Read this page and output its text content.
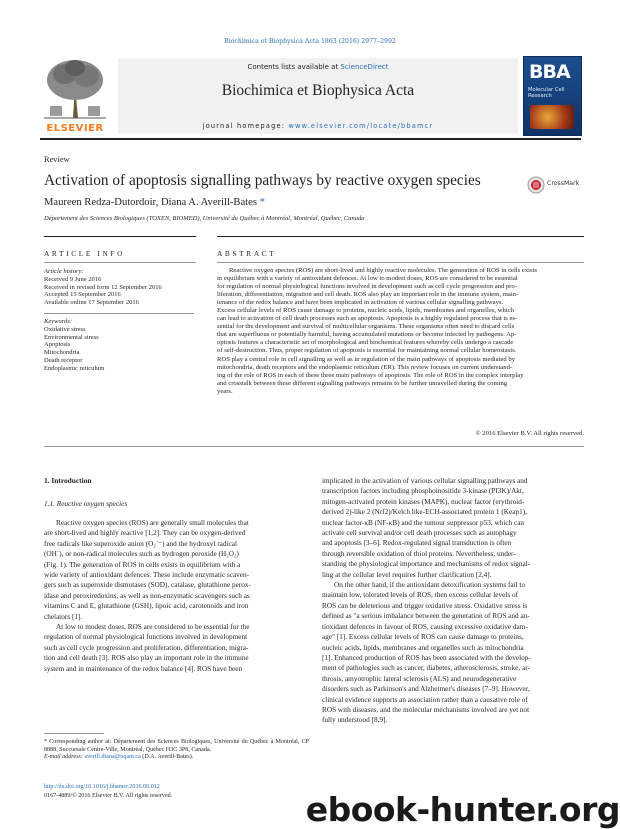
Biochimica et Biophysica Acta 1863 (2016) 2977–2992
ELSEVIER
Contents lists available at ScienceDirect
Biochimica et Biophysica Acta
journal homepage: www.elsevier.com/locate/bbamcr
BBA
Molecular Cell Research
Review
Activation of apoptosis signalling pathways by reactive oxygen species	CrossMark
Maureen Redza-Dutordoir, Diana A. Averill-Bates *
Département des Sciences Biologiques (TOXEN, BIOMED), Université du Québec à Montréal, Montréal, Québec, Canada
ARTICLE INFO	ABSTRACT
Article history:
Received 9 June 2016
Received in revised form 12 September 2016
Accepted 15 September 2016
Available online 17 September 2016
Keywords:
Oxidative stress
Environmental stress
Apoptosis
Mitochondria
Death receptor
Endoplasmic reticulum
Reactive oxygen species (ROS) are short-lived and highly reactive molecules. The generation of ROS in cells exists
in equilibrium with a variety of antioxidant defences. At low to modest doses, ROS are considered to be essential
for regulation of normal physiological functions involved in development such as cell cycle progression and pro-
liferation, differentiation, migration and cell death. ROS also play an important role in the immune system, main-
tenance of the redox balance and have been implicated in activation of various cellular signalling pathways.
Excess cellular levels of ROS cause damage to proteins, nucleic acids, lipids, membranes and organelles, which
can lead to activation of cell death processes such as apoptosis. Apoptosis is a highly regulated process that is es-
sential for the development and survival of multicellular organisms. These organisms often need to discard cells
that are superfluous or potentially harmful, having accumulated mutations or become infected by pathogens. Ap-
optosis features a characteristic set of morphological and biochemical features whereby cells undergo a cascade
of self-destruction. Thus, proper regulation of apoptosis is essential for maintaining normal cellular homeostasis.
ROS play a central role in cell signalling as well as in regulation of the main pathways of apoptosis mediated by
mitochondria, death receptors and the endoplasmic reticulum (ER). This review focuses on current understand-
ing of the role of ROS in each of these three main pathways of apoptosis. The role of ROS in the complex interplay
and crosstalk between these different signalling pathways remains to be further unravelled during the coming
years.
© 2016 Elsevier B.V. All rights reserved.
1. Introduction
1.1. Reactive oxygen species
Reactive oxygen species (ROS) are generally small molecules that
are short-lived and highly reactive [1,2]. They can be oxygen-derived
free radicals like superoxide anion (O₂˙⁻) and the hydroxyl radical
(OH˙), or non-radical molecules such as hydrogen peroxide (H₂O₂)
(Fig. 1). The generation of ROS in cells exists in equilibrium with a
wide variety of antioxidant defences. These include enzymatic scaven-
gers such as superoxide dismutases (SOD), catalase, glutathione perox-
idase and peroxiredoxins, as well as non-enzymatic scavengers such as
vitamins C and E, glutathione (GSH), lipoic acid, carotenoids and iron
chelators [1].
At low to modest doses, ROS are considered to be essential for the
regulation of normal physiological functions involved in development
such as cell cycle progression and proliferation, differentiation, migra-
tion and cell death [3]. ROS also play an important role in the immune
system and in maintenance of the redox balance [4]. ROS have been
implicated in the activation of various cellular signalling pathways and
transcription factors including phosphoinositide 3-kinase (PI3K)/Akt,
mitogen-activated protein kinases (MAPK), nuclear factor (erythroid-
derived 2)-like 2 (Nrf2)/Kelch like-ECH-associated protein 1 (Keap1),
nuclear factor-κB (NF-κB) and the tumour suppressor p53, which can
activate cell survival and/or cell death processes such as autophagy
and apoptosis [3–6]. Redox-regulated signal transduction is often
through reversible oxidation of thiol proteins. Nevertheless, under-
standing the physiological importance and mechanisms of redox signal-
ling at the cellular level requires further clarification [2,4].
On the other hand, if the antioxidant detoxification systems fail to
maintain low, tolerated levels of ROS, then excess cellular levels of
ROS can be deleterious and trigger oxidative stress. Oxidative stress is
defined as "a serious imbalance between the generation of ROS and an-
tioxidant defences in favour of ROS, causing excessive oxidative dam-
age" [1]. Excess cellular levels of ROS can cause damage to proteins,
nucleic acids, lipids, membranes and organelles such as mitochondria
[1]. Enhanced production of ROS has been associated with the develop-
ment of pathologies such as cancer, diabetes, atherosclerosis, stroke, ar-
throsis, amyotrophic lateral sclerosis (ALS) and neurodegenerative
disorders such as Parkinson's and Alzheimer's diseases [7–9]. However,
clinical evidence supports an association rather than a causative role of
ROS with diseases, and the molecular mechanisms involved are yet not
fully understood [8,9].
* Corresponding author at: Département des Sciences Biologiques, Université du Québec à Montréal, CP 8888, Succursale Centre-Ville, Montréal, Québec H3C 3P8, Canada.
E-mail address: averill.diana@uqam.ca (D.A. Averill-Bates).
http://dx.doi.org/10.1016/j.bbamcr.2016.09.012
0167-4889/© 2016 Elsevier B.V. All rights reserved.	ebook-hunter.org
